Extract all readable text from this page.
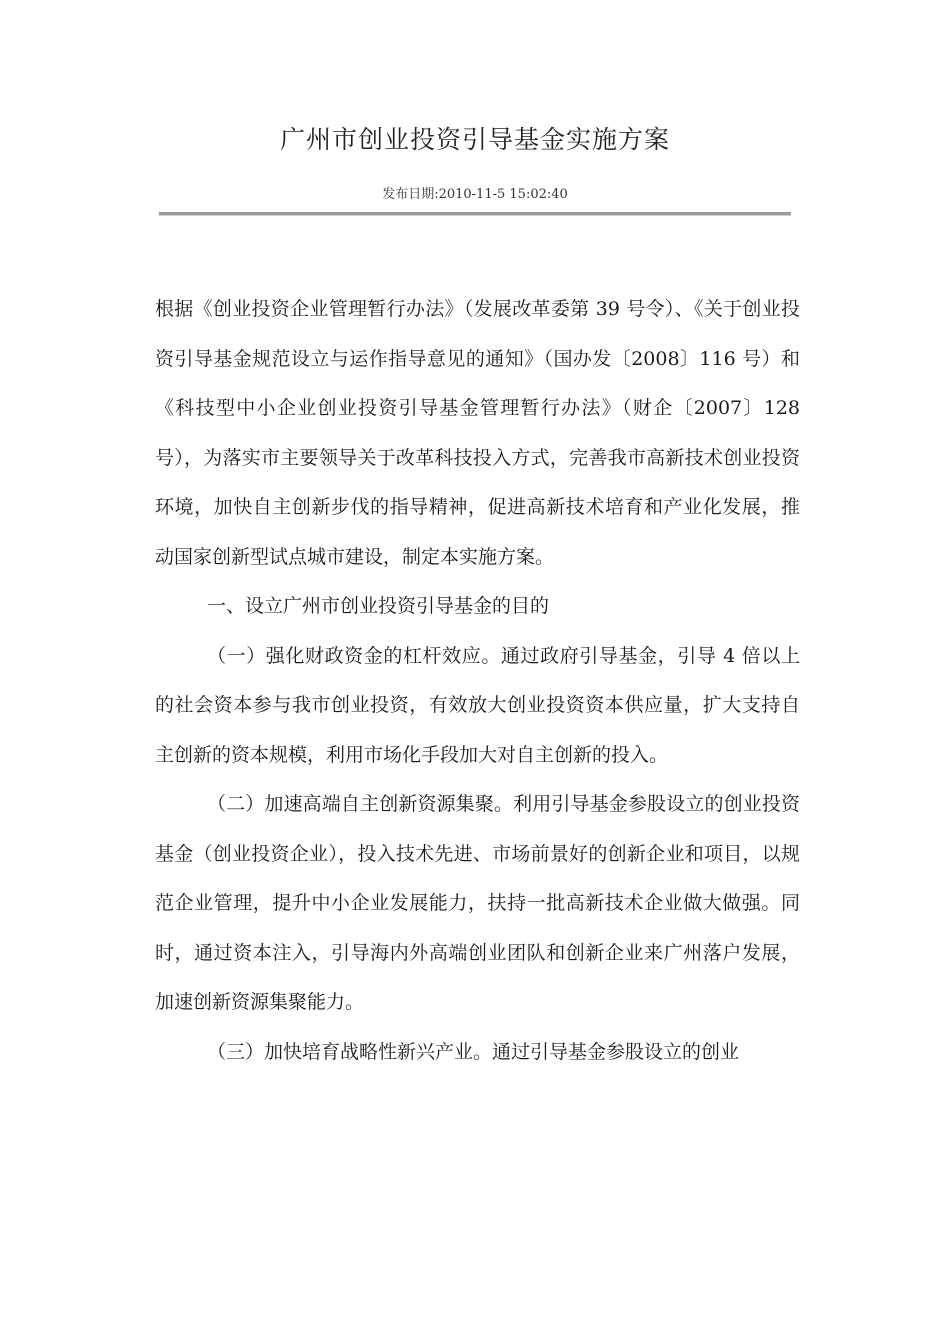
广州市创业投资引导基金实施方案
发布日期:2010-11-5 15:02:40

根据《创业投资企业管理暂行办法》（发展改革委第 39 号令）、《关于创业投资引导基金规范设立与运作指导意见的通知》（国办发〔2008〕116 号）和《科技型中小企业创业投资引导基金管理暂行办法》（财企〔2007〕128 号），为落实市主要领导关于改革科技投入方式，完善我市高新技术创业投资环境，加快自主创新步伐的指导精神，促进高新技术培育和产业化发展，推动国家创新型试点城市建设，制定本实施方案。

一、设立广州市创业投资引导基金的目的

（一）强化财政资金的杠杆效应。通过政府引导基金，引导 4 倍以上的社会资本参与我市创业投资，有效放大创业投资资本供应量，扩大支持自主创新的资本规模，利用市场化手段加大对自主创新的投入。

（二）加速高端自主创新资源集聚。利用引导基金参股设立的创业投资基金（创业投资企业），投入技术先进、市场前景好的创新企业和项目，以规范企业管理，提升中小企业发展能力，扶持一批高新技术企业做大做强。同时，通过资本注入，引导海内外高端创业团队和创新企业来广州落户发展，加速创新资源集聚能力。

（三）加快培育战略性新兴产业。通过引导基金参股设立的创业
